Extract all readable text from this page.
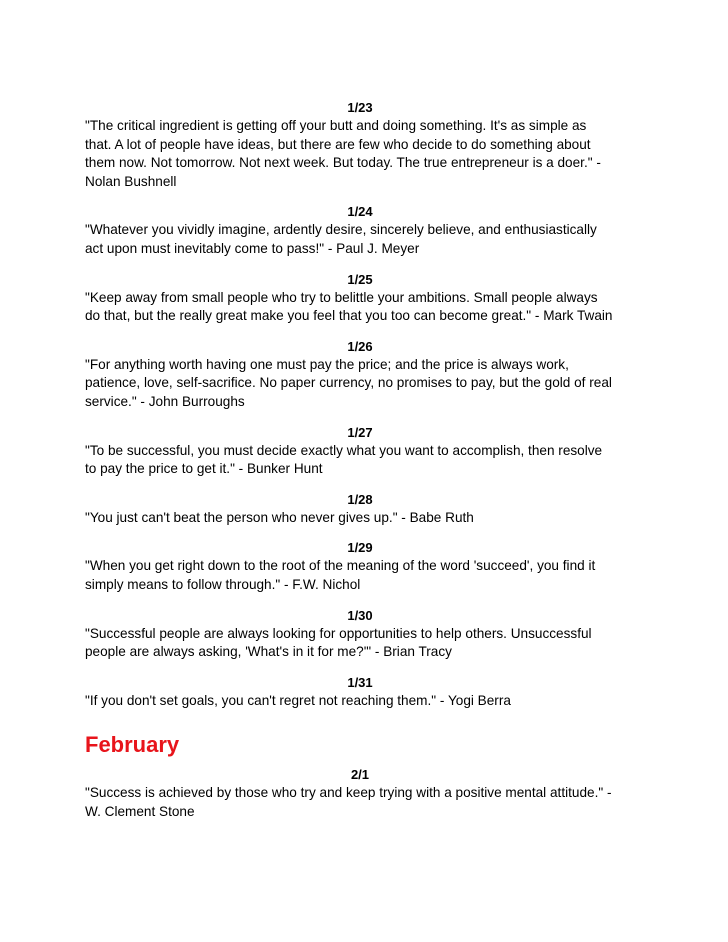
1/23

"The critical ingredient is getting off your butt and doing something. It's as simple as that. A lot of people have ideas, but there are few who decide to do something about them now. Not tomorrow. Not next week. But today. The true entrepreneur is a doer." - Nolan Bushnell

1/24

"Whatever you vividly imagine, ardently desire, sincerely believe, and enthusiastically act upon must inevitably come to pass!" - Paul J. Meyer

1/25

"Keep away from small people who try to belittle your ambitions. Small people always do that, but the really great make you feel that you too can become great." - Mark Twain

1/26

"For anything worth having one must pay the price; and the price is always work, patience, love, self-sacrifice. No paper currency, no promises to pay, but the gold of real service." - John Burroughs

1/27

"To be successful, you must decide exactly what you want to accomplish, then resolve to pay the price to get it." - Bunker Hunt

1/28

"You just can't beat the person who never gives up." - Babe Ruth

1/29

"When you get right down to the root of the meaning of the word 'succeed', you find it simply means to follow through." - F.W. Nichol

1/30

"Successful people are always looking for opportunities to help others. Unsuccessful people are always asking, 'What's in it for me?'" - Brian Tracy

1/31

"If you don't set goals, you can't regret not reaching them." - Yogi Berra

February
2/1

"Success is achieved by those who try and keep trying with a positive mental attitude." - W. Clement Stone
